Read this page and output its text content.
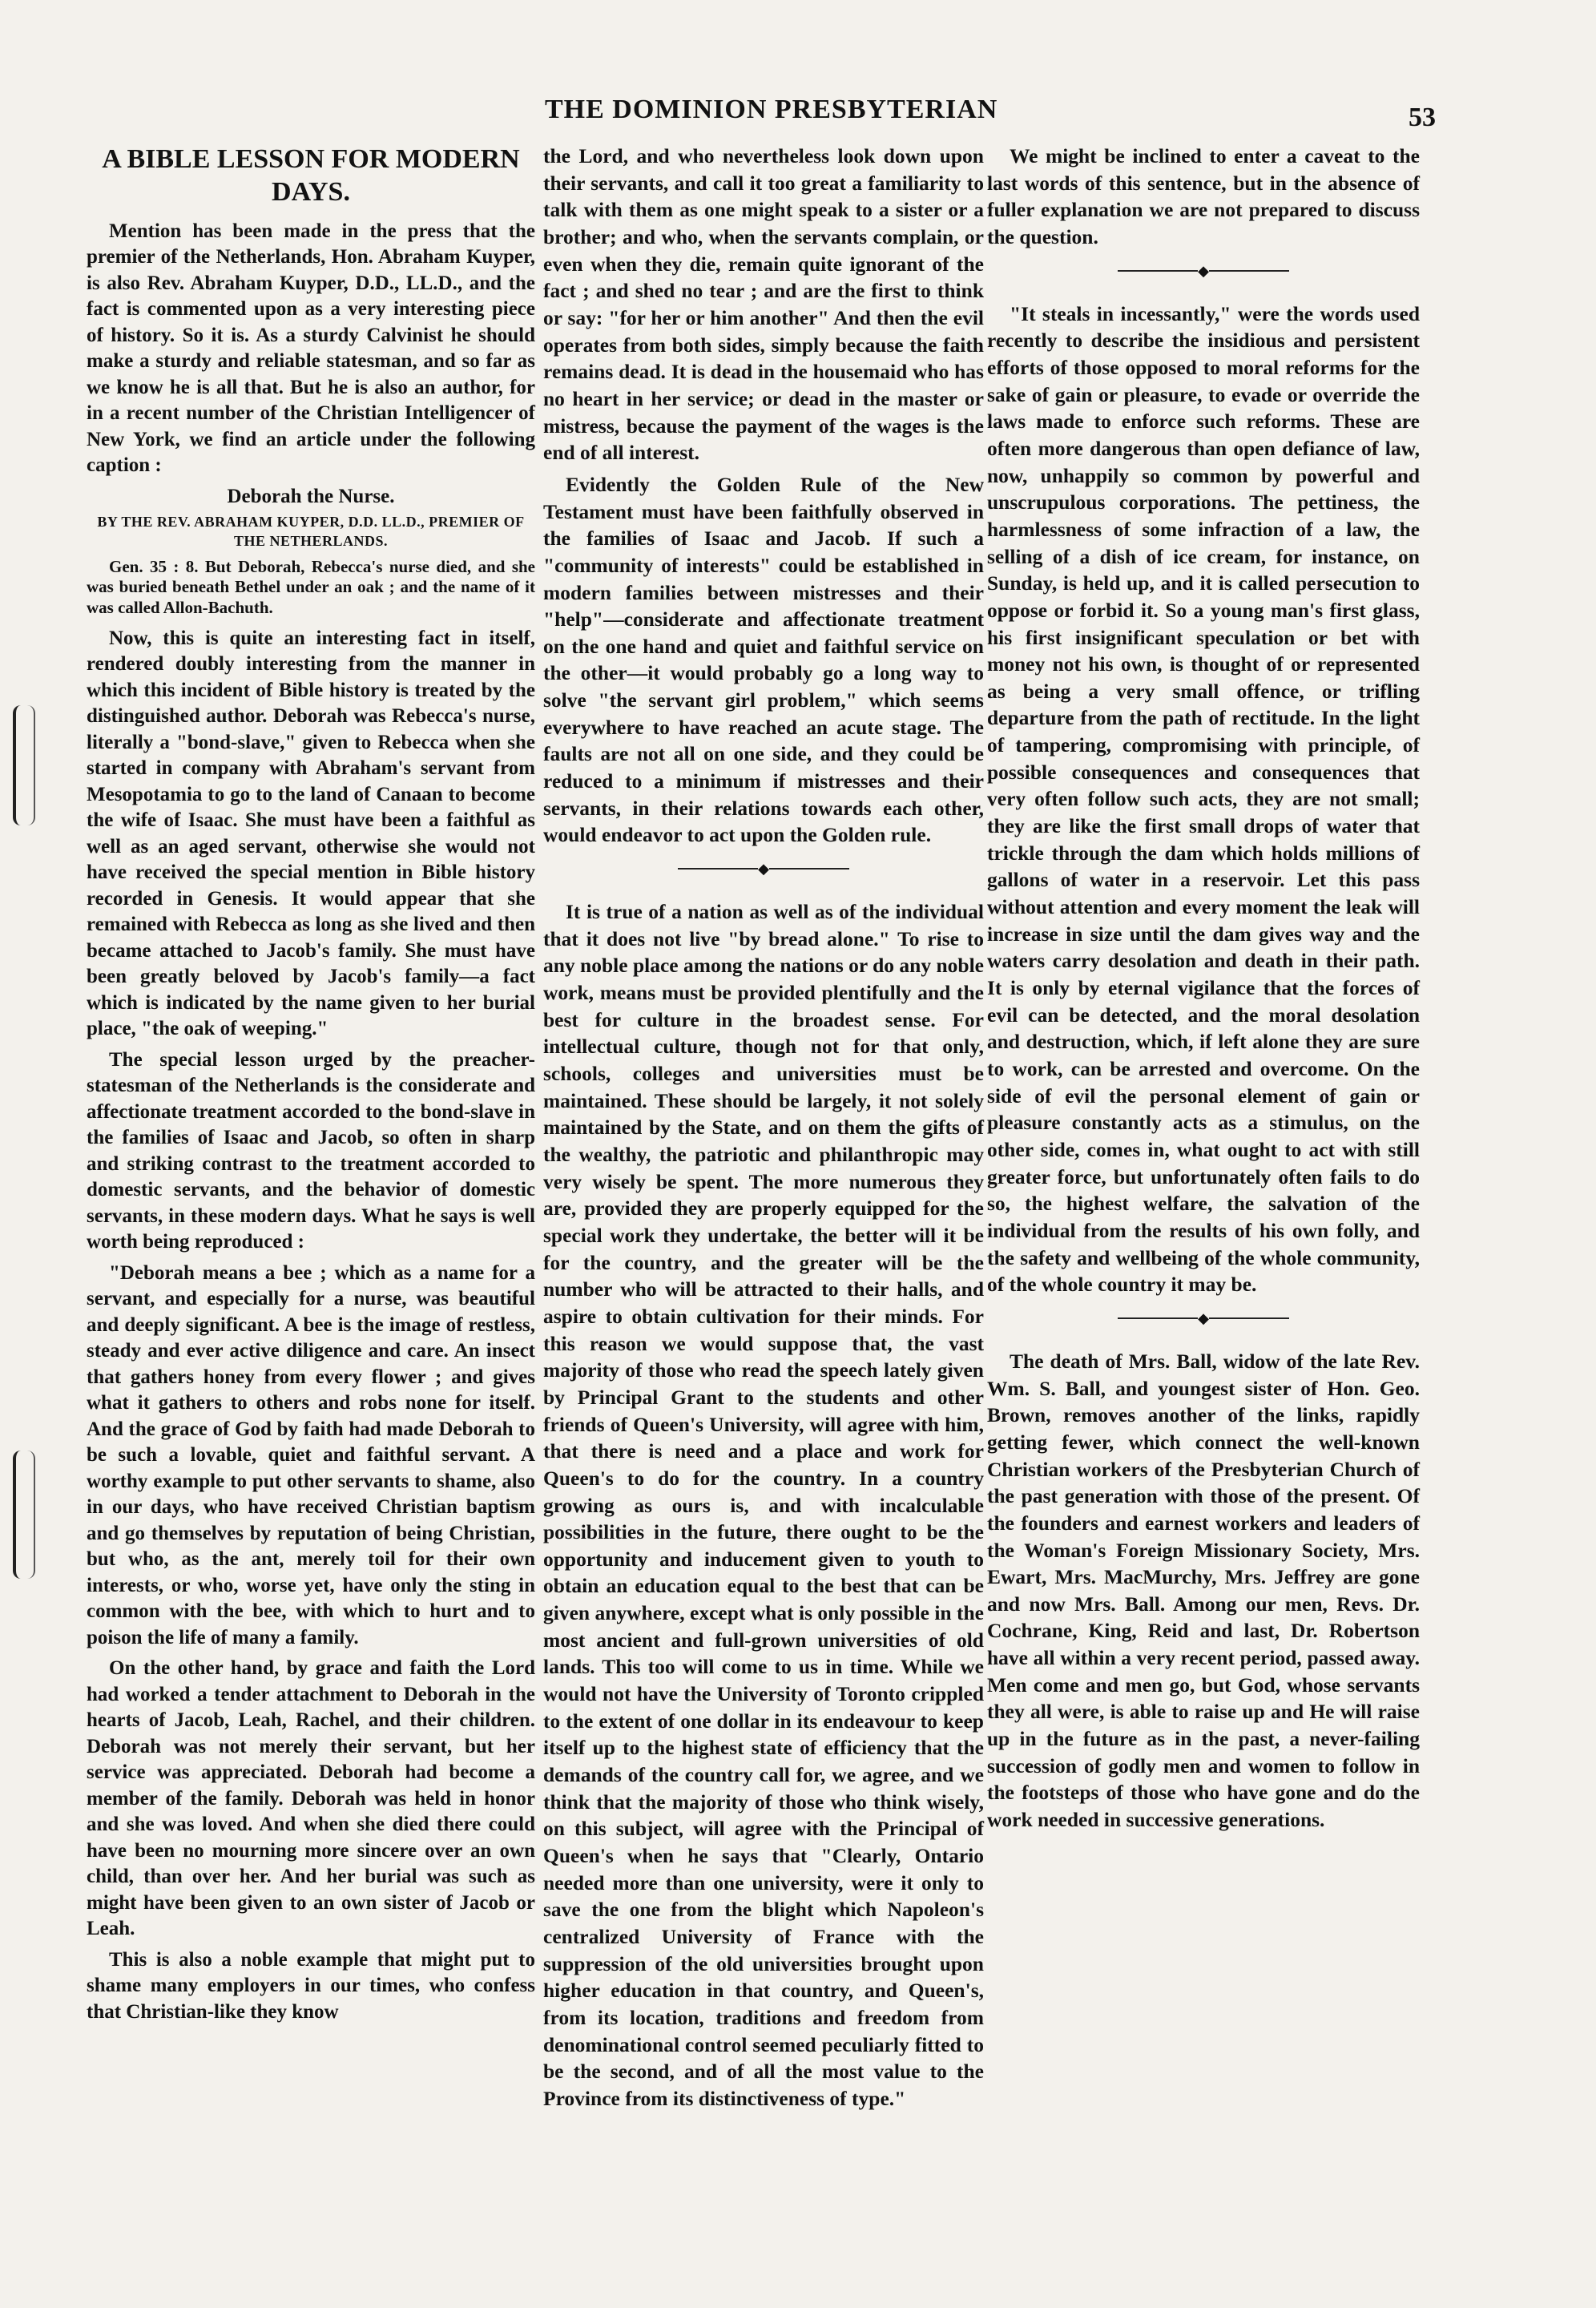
THE DOMINION PRESBYTERIAN	53

A BIBLE LESSON FOR MODERN DAYS.

Mention has been made in the press that the premier of the Netherlands, Hon. Abraham Kuyper, is also Rev. Abraham Kuyper, D.D., LL.D., and the fact is commented upon as a very interesting piece of history. So it is. As a sturdy Calvinist he should make a sturdy and reliable statesman, and so far as we know he is all that. But he is also an author, for in a recent number of the Christian Intelligencer of New York, we find an article under the following caption :

Deborah the Nurse.

BY THE REV. ABRAHAM KUYPER, D.D. LL.D., PREMIER OF THE NETHERLANDS.

Gen. 35 : 8. But Deborah, Rebecca's nurse died, and she was buried beneath Bethel under an oak ; and the name of it was called Allon-Bachuth.

Now, this is quite an interesting fact in itself, rendered doubly interesting from the manner in which this incident of Bible history is treated by the distinguished author. Deborah was Rebecca's nurse, literally a "bond-slave," given to Rebecca when she started in company with Abraham's servant from Mesopotamia to go to the land of Canaan to become the wife of Isaac. She must have been a faithful as well as an aged servant, otherwise she would not have received the special mention in Bible history recorded in Genesis. It would appear that she remained with Rebecca as long as she lived and then became attached to Jacob's family. She must have been greatly beloved by Jacob's family—a fact which is indicated by the name given to her burial place, "the oak of weeping."

The special lesson urged by the preacher-statesman of the Netherlands is the considerate and affectionate treatment accorded to the bond-slave in the families of Isaac and Jacob, so often in sharp and striking contrast to the treatment accorded to domestic servants, and the behavior of domestic servants, in these modern days. What he says is well worth being reproduced :

"Deborah means a bee ; which as a name for a servant, and especially for a nurse, was beautiful and deeply significant. A bee is the image of restless, steady and ever active diligence and care. An insect that gathers honey from every flower ; and gives what it gathers to others and robs none for itself. And the grace of God by faith had made Deborah to be such a lovable, quiet and faithful servant. A worthy example to put other servants to shame, also in our days, who have received Christian baptism and go themselves by reputation of being Christian, but who, as the ant, merely toil for their own interests, or who, worse yet, have only the sting in common with the bee, with which to hurt and to poison the life of many a family.

On the other hand, by grace and faith the Lord had worked a tender attachment to Deborah in the hearts of Jacob, Leah, Rachel, and their children. Deborah was not merely their servant, but her service was appreciated. Deborah had become a member of the family. Deborah was held in honor and she was loved. And when she died there could have been no mourning more sincere over an own child, than over her. And her burial was such as might have been given to an own sister of Jacob or Leah.

This is also a noble example that might put to shame many employers in our times, who confess that Christian-like they know

the Lord, and who nevertheless look down upon their servants, and call it too great a familiarity to talk with them as one might speak to a sister or a brother; and who, when the servants complain, or even when they die, remain quite ignorant of the fact ; and shed no tear ; and are the first to think or say: "for her or him another" And then the evil operates from both sides, simply because the faith remains dead. It is dead in the housemaid who has no heart in her service; or dead in the master or mistress, because the payment of the wages is the end of all interest.

Evidently the Golden Rule of the New Testament must have been faithfully observed in the families of Isaac and Jacob. If such a "community of interests" could be established in modern families between mistresses and their "help"—considerate and affectionate treatment on the one hand and quiet and faithful service on the other—it would probably go a long way to solve "the servant girl problem," which seems everywhere to have reached an acute stage. The faults are not all on one side, and they could be reduced to a minimum if mistresses and their servants, in their relations towards each other, would endeavor to act upon the Golden rule.

◆

It is true of a nation as well as of the individual that it does not live "by bread alone." To rise to any noble place among the nations or do any noble work, means must be provided plentifully and the best for culture in the broadest sense. For intellectual culture, though not for that only, schools, colleges and universities must be maintained. These should be largely, it not solely maintained by the State, and on them the gifts of the wealthy, the patriotic and philanthropic may very wisely be spent. The more numerous they are, provided they are properly equipped for the special work they undertake, the better will it be for the country, and the greater will be the number who will be attracted to their halls, and aspire to obtain cultivation for their minds. For this reason we would suppose that, the vast majority of those who read the speech lately given by Principal Grant to the students and other friends of Queen's University, will agree with him, that there is need and a place and work for Queen's to do for the country. In a country growing as ours is, and with incalculable possibilities in the future, there ought to be the opportunity and inducement given to youth to obtain an education equal to the best that can be given anywhere, except what is only possible in the most ancient and full-grown universities of old lands. This too will come to us in time. While we would not have the University of Toronto crippled to the extent of one dollar in its endeavour to keep itself up to the highest state of efficiency that the demands of the country call for, we agree, and we think that the majority of those who think wisely, on this subject, will agree with the Principal of Queen's when he says that "Clearly, Ontario needed more than one university, were it only to save the one from the blight which Napoleon's centralized University of France with the suppression of the old universities brought upon higher education in that country, and Queen's, from its location, traditions and freedom from denominational control seemed peculiarly fitted to be the second, and of all the most value to the Province from its distinctiveness of type."

We might be inclined to enter a caveat to the last words of this sentence, but in the absence of fuller explanation we are not prepared to discuss the question.

◆

"It steals in incessantly," were the words used recently to describe the insidious and persistent efforts of those opposed to moral reforms for the sake of gain or pleasure, to evade or override the laws made to enforce such reforms. These are often more dangerous than open defiance of law, now, unhappily so common by powerful and unscrupulous corporations. The pettiness, the harmlessness of some infraction of a law, the selling of a dish of ice cream, for instance, on Sunday, is held up, and it is called persecution to oppose or forbid it. So a young man's first glass, his first insignificant speculation or bet with money not his own, is thought of or represented as being a very small offence, or trifling departure from the path of rectitude. In the light of tampering, compromising with principle, of possible consequences and consequences that very often follow such acts, they are not small; they are like the first small drops of water that trickle through the dam which holds millions of gallons of water in a reservoir. Let this pass without attention and every moment the leak will increase in size until the dam gives way and the waters carry desolation and death in their path. It is only by eternal vigilance that the forces of evil can be detected, and the moral desolation and destruction, which, if left alone they are sure to work, can be arrested and overcome. On the side of evil the personal element of gain or pleasure constantly acts as a stimulus, on the other side, comes in, what ought to act with still greater force, but unfortunately often fails to do so, the highest welfare, the salvation of the individual from the results of his own folly, and the safety and wellbeing of the whole community, of the whole country it may be.

◆

The death of Mrs. Ball, widow of the late Rev. Wm. S. Ball, and youngest sister of Hon. Geo. Brown, removes another of the links, rapidly getting fewer, which connect the well-known Christian workers of the Presbyterian Church of the past generation with those of the present. Of the founders and earnest workers and leaders of the Woman's Foreign Missionary Society, Mrs. Ewart, Mrs. MacMurchy, Mrs. Jeffrey are gone and now Mrs. Ball. Among our men, Revs. Dr. Cochrane, King, Reid and last, Dr. Robertson have all within a very recent period, passed away. Men come and men go, but God, whose servants they all were, is able to raise up and He will raise up in the future as in the past, a never-failing succession of godly men and women to follow in the footsteps of those who have gone and do the work needed in successive generations.
